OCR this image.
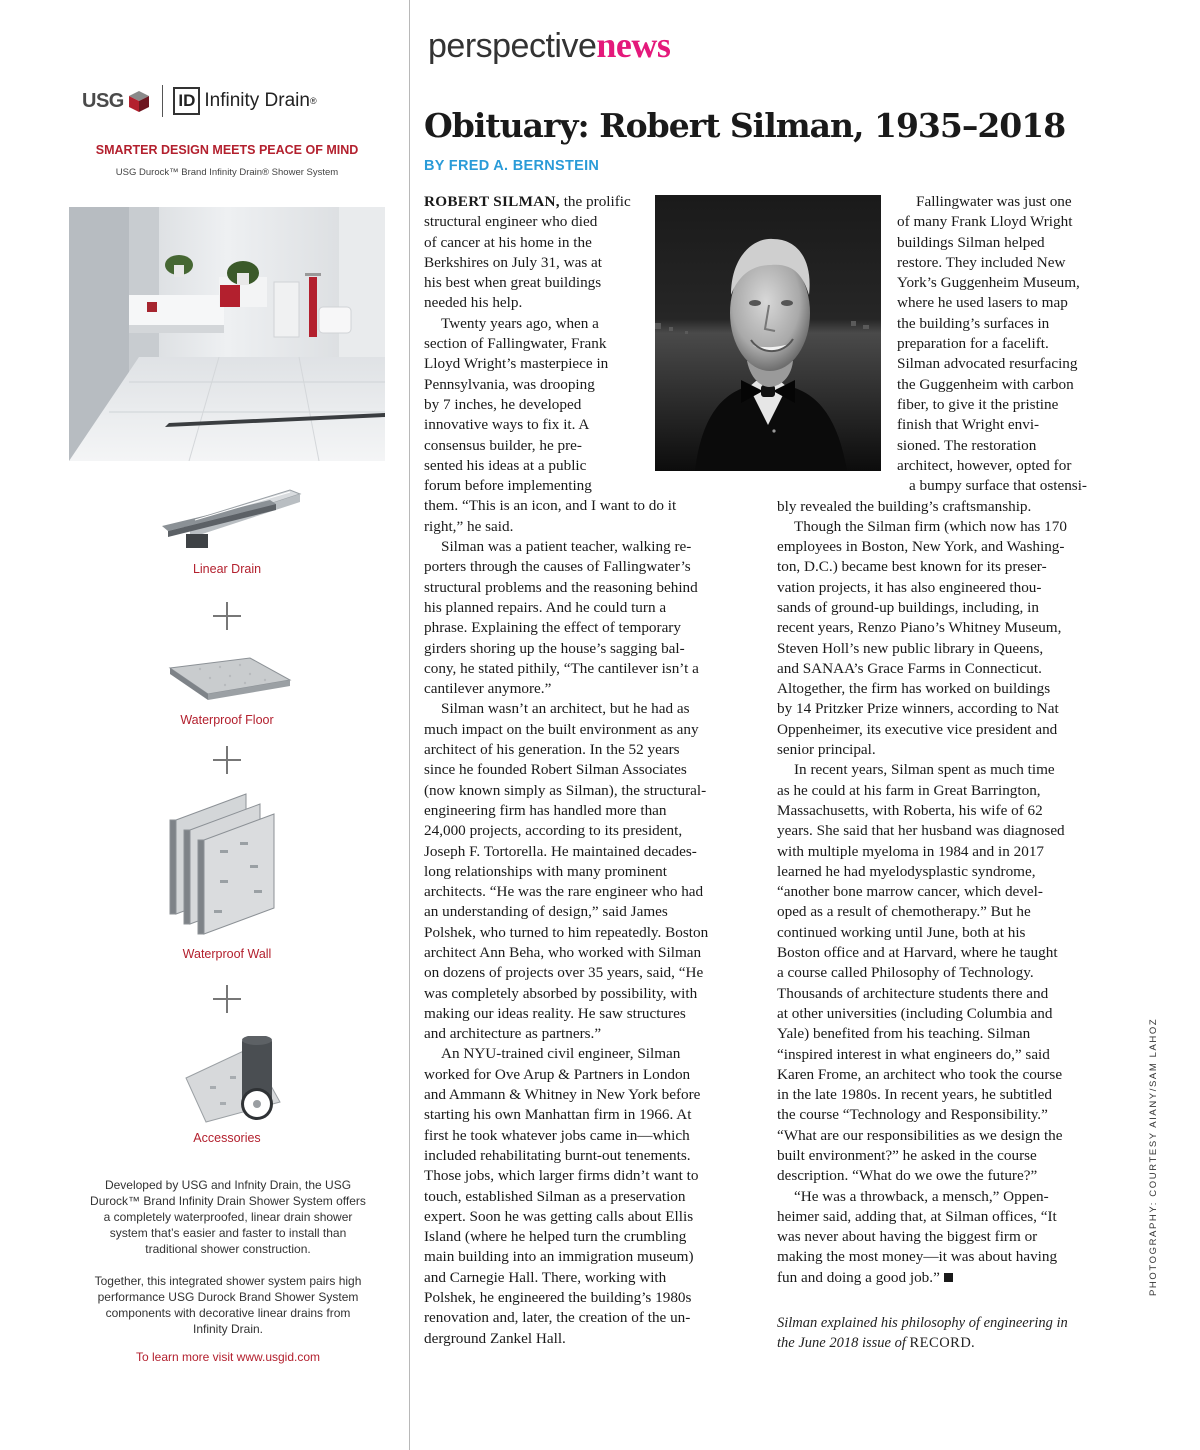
USG	ID Infinity Drain ®
SMARTER DESIGN MEETS PEACE OF MIND
USG Durock™ Brand Infinity Drain® Shower System
Linear Drain
Waterproof Floor
Waterproof Wall
Accessories
Developed by USG and Infnity Drain, the USG
Durock™ Brand Infinity Drain Shower System offers
a completely waterproofed, linear drain shower
system that’s easier and faster to install than
traditional shower construction.
Together, this integrated shower system pairs high
performance USG Durock Brand Shower System
components with decorative linear drains from
Infinity Drain.
To learn more visit www.usgid.com
perspectivenews
Obituary: Robert Silman, 1935–2018
BY FRED A. BERNSTEIN

ROBERT SILMAN, the prolific
structural engineer who died
of cancer at his home in the
Berkshires on July 31, was at
his best when great buildings
needed his help.

Twenty years ago, when a
section of Fallingwater, Frank
Lloyd Wright’s masterpiece in
Pennsylvania, was drooping
by 7 inches, he developed
innovative ways to fix it. A
consensus builder, he pre-
sented his ideas at a public
forum before implementing
them. “This is an icon, and I want to do it
right,” he said.

Silman was a patient teacher, walking re-
porters through the causes of Fallingwater’s
structural problems and the reasoning behind
his planned repairs. And he could turn a
phrase. Explaining the effect of temporary
girders shoring up the house’s sagging bal-
cony, he stated pithily, “The cantilever isn’t a
cantilever anymore.”

Silman wasn’t an architect, but he had as
much impact on the built environment as any
architect of his generation. In the 52 years
since he founded Robert Silman Associates
(now known simply as Silman), the structural-
engineering firm has handled more than
24,000 projects, according to its president,
Joseph F. Tortorella. He maintained decades-
long relationships with many prominent
architects. “He was the rare engineer who had
an understanding of design,” said James
Polshek, who turned to him repeatedly. Boston
architect Ann Beha, who worked with Silman
on dozens of projects over 35 years, said, “He
was completely absorbed by possibility, with
making our ideas reality. He saw structures
and architecture as partners.”

An NYU-trained civil engineer, Silman
worked for Ove Arup & Partners in London
and Ammann & Whitney in New York before
starting his own Manhattan firm in 1966. At
first he took whatever jobs came in—which
included rehabilitating burnt-out tenements.
Those jobs, which larger firms didn’t want to
touch, established Silman as a preservation
expert. Soon he was getting calls about Ellis
Island (where he helped turn the crumbling
main building into an immigration museum)
and Carnegie Hall. There, working with
Polshek, he engineered the building’s 1980s
renovation and, later, the creation of the un-
derground Zankel Hall.

Fallingwater was just one
of many Frank Lloyd Wright
buildings Silman helped
restore. They included New
York’s Guggenheim Museum,
where he used lasers to map
the building’s surfaces in
preparation for a facelift.
Silman advocated resurfacing
the Guggenheim with carbon
fiber, to give it the pristine
finish that Wright envi-
sioned. The restoration
architect, however, opted for
a bumpy surface that ostensi-

bly revealed the building’s craftsmanship.

Though the Silman firm (which now has 170
employees in Boston, New York, and Washing-
ton, D.C.) became best known for its preser-
vation projects, it has also engineered thou-
sands of ground-up buildings, including, in
recent years, Renzo Piano’s Whitney Museum,
Steven Holl’s new public library in Queens,
and SANAA’s Grace Farms in Connecticut.
Altogether, the firm has worked on buildings
by 14 Pritzker Prize winners, according to Nat
Oppenheimer, its executive vice president and
senior principal.

In recent years, Silman spent as much time
as he could at his farm in Great Barrington,
Massachusetts, with Roberta, his wife of 62
years. She said that her husband was diagnosed
with multiple myeloma in 1984 and in 2017
learned he had myelodysplastic syndrome,
“another bone marrow cancer, which devel-
oped as a result of chemotherapy.” But he
continued working until June, both at his
Boston office and at Harvard, where he taught
a course called Philosophy of Technology.
Thousands of architecture students there and
at other universities (including Columbia and
Yale) benefited from his teaching. Silman
“inspired interest in what engineers do,” said
Karen Frome, an architect who took the course
in the late 1980s. In recent years, he subtitled
the course “Technology and Responsibility.”
“What are our responsibilities as we design the
built environment?” he asked in the course
description. “What do we owe the future?”

“He was a throwback, a mensch,” Oppen-
heimer said, adding that, at Silman offices, “It
was never about having the biggest firm or
making the most money—it was about having
fun and doing a good job.”

Silman explained his philosophy of engineering in
the June 2018 issue of RECORD.
PHOTOGRAPHY: COURTESY AIANY/SAM LAHOZ
